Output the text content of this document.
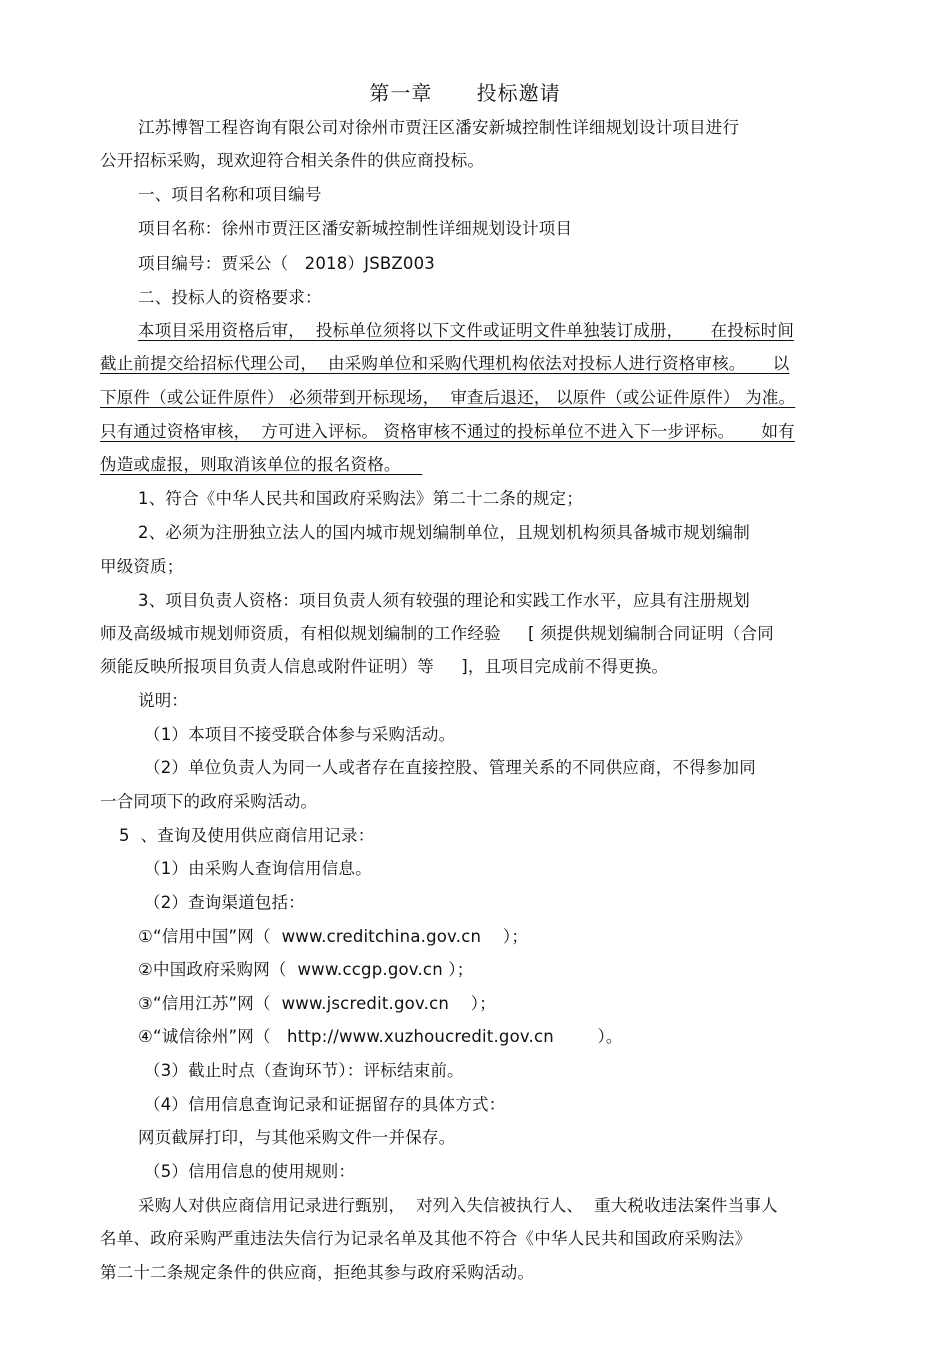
第一章      投标邀请
江苏博智工程咨询有限公司对徐州市贾汪区潘安新城控制性详细规划设计项目进行
公开招标采购，现欢迎符合相关条件的供应商投标。
一、项目名称和项目编号
项目名称：徐州市贾汪区潘安新城控制性详细规划设计项目
项目编号：贾采公（   2018）JSBZ003
二、投标人的资格要求：
本项目采用资格后审，  投标单位须将以下文件或证明文件单独装订成册，     在投标时间
截止前提交给招标代理公司，  由采购单位和采购代理机构依法对投标人进行资格审核。     以
下原件（或公证件原件） 必须带到开标现场，  审查后退还， 以原件（或公证件原件） 为准。
只有通过资格审核，  方可进入评标。 资格审核不通过的投标单位不进入下一步评标。     如有
伪造或虚报，则取消该单位的报名资格。
1、符合《中华人民共和国政府采购法》第二十二条的规定；
2、必须为注册独立法人的国内城市规划编制单位，且规划机构须具备城市规划编制
甲级资质；
3、项目负责人资格：项目负责人须有较强的理论和实践工作水平，应具有注册规划
师及高级城市规划师资质，有相似规划编制的工作经验     [ 须提供规划编制合同证明（合同
须能反映所报项目负责人信息或附件证明）等     ]，且项目完成前不得更换。
说明：
（1）本项目不接受联合体参与采购活动。
（2）单位负责人为同一人或者存在直接控股、管理关系的不同供应商，不得参加同
一合同项下的政府采购活动。
5  、查询及使用供应商信用记录：
（1）由采购人查询信用信息。
（2）查询渠道包括：
①“信用中国”网（  www.creditchina.gov.cn    ）；
②中国政府采购网（  www.ccgp.gov.cn ）；
③“信用江苏”网（  www.jscredit.gov.cn    ）；
④“诚信徐州”网（   http://www.xuzhoucredit.gov.cn        ）。
（3）截止时点（查询环节）：评标结束前。
（4）信用信息查询记录和证据留存的具体方式：
网页截屏打印，与其他采购文件一并保存。
（5）信用信息的使用规则：
采购人对供应商信用记录进行甄别，  对列入失信被执行人、  重大税收违法案件当事人
名单、政府采购严重违法失信行为记录名单及其他不符合《中华人民共和国政府采购法》
第二十二条规定条件的供应商，拒绝其参与政府采购活动。
